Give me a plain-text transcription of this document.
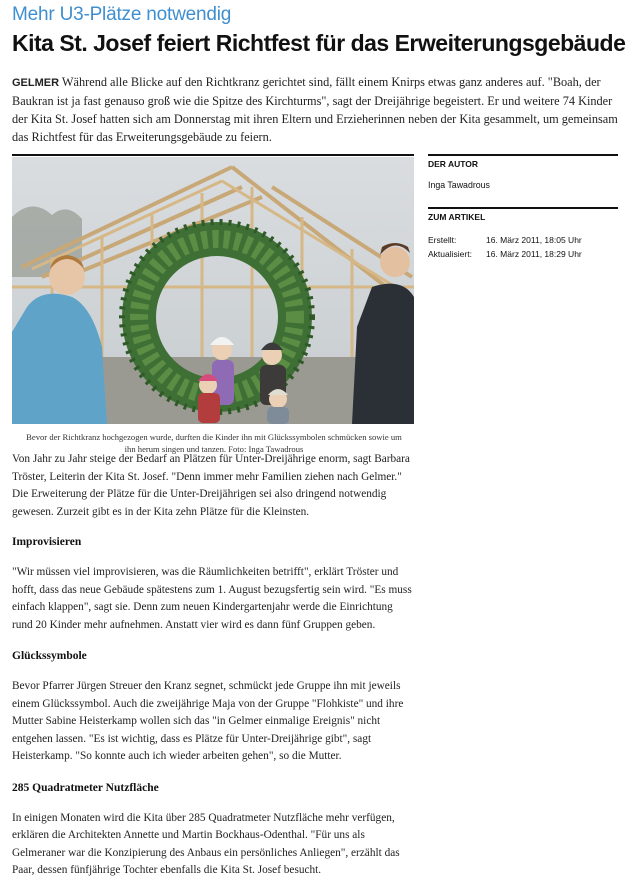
Mehr U3-Plätze notwendig
Kita St. Josef feiert Richtfest für das Erweiterungsgebäude
GELMER Während alle Blicke auf den Richtkranz gerichtet sind, fällt einem Knirps etwas ganz anderes auf. "Boah, der Baukran ist ja fast genauso groß wie die Spitze des Kirchturms", sagt der Dreijährige begeistert. Er und weitere 74 Kinder der Kita St. Josef hatten sich am Donnerstag mit ihren Eltern und Erzieherinnen neben der Kita gesammelt, um gemeinsam das Richtfest für das Erweiterungsgebäude zu feiern.
Bevor der Richtkranz hochgezogen wurde, durften die Kinder ihn mit Glückssymbolen schmücken sowie um ihn herum singen und tanzen. Foto: Inga Tawadrous
DER AUTOR
Inga Tawadrous
ZUM ARTIKEL
Erstellt:	16. März 2011, 18:05 Uhr
Aktualisiert:	16. März 2011, 18:29 Uhr

Von Jahr zu Jahr steige der Bedarf an Plätzen für Unter-Dreijährige enorm, sagt Barbara Tröster, Leiterin der Kita St. Josef. "Denn immer mehr Familien ziehen nach Gelmer." Die Erweiterung der Plätze für die Unter-Dreijährigen sei also dringend notwendig gewesen. Zurzeit gibt es in der Kita zehn Plätze für die Kleinsten.

Improvisieren

"Wir müssen viel improvisieren, was die Räumlichkeiten betrifft", erklärt Tröster und hofft, dass das neue Gebäude spätestens zum 1. August bezugsfertig sein wird. "Es muss einfach klappen", sagt sie. Denn zum neuen Kindergartenjahr werde die Einrichtung rund 20 Kinder mehr aufnehmen. Anstatt vier wird es dann fünf Gruppen geben.

Glückssymbole

Bevor Pfarrer Jürgen Streuer den Kranz segnet, schmückt jede Gruppe ihn mit jeweils einem Glückssymbol. Auch die zweijährige Maja von der Gruppe "Flohkiste" und ihre Mutter Sabine Heisterkamp wollen sich das "in Gelmer einmalige Ereignis" nicht entgehen lassen. "Es ist wichtig, dass es Plätze für Unter-Dreijährige gibt", sagt Heisterkamp. "So konnte auch ich wieder arbeiten gehen", so die Mutter.

285 Quadratmeter Nutzfläche

In einigen Monaten wird die Kita über 285 Quadratmeter Nutzfläche mehr verfügen, erklären die Architekten Annette und Martin Bockhaus-Odenthal. "Für uns als Gelmeraner war die Konzipierung des Anbaus ein persönliches Anliegen", erzählt das Paar, dessen fünfjährige Tochter ebenfalls die Kita St. Josef besucht.
